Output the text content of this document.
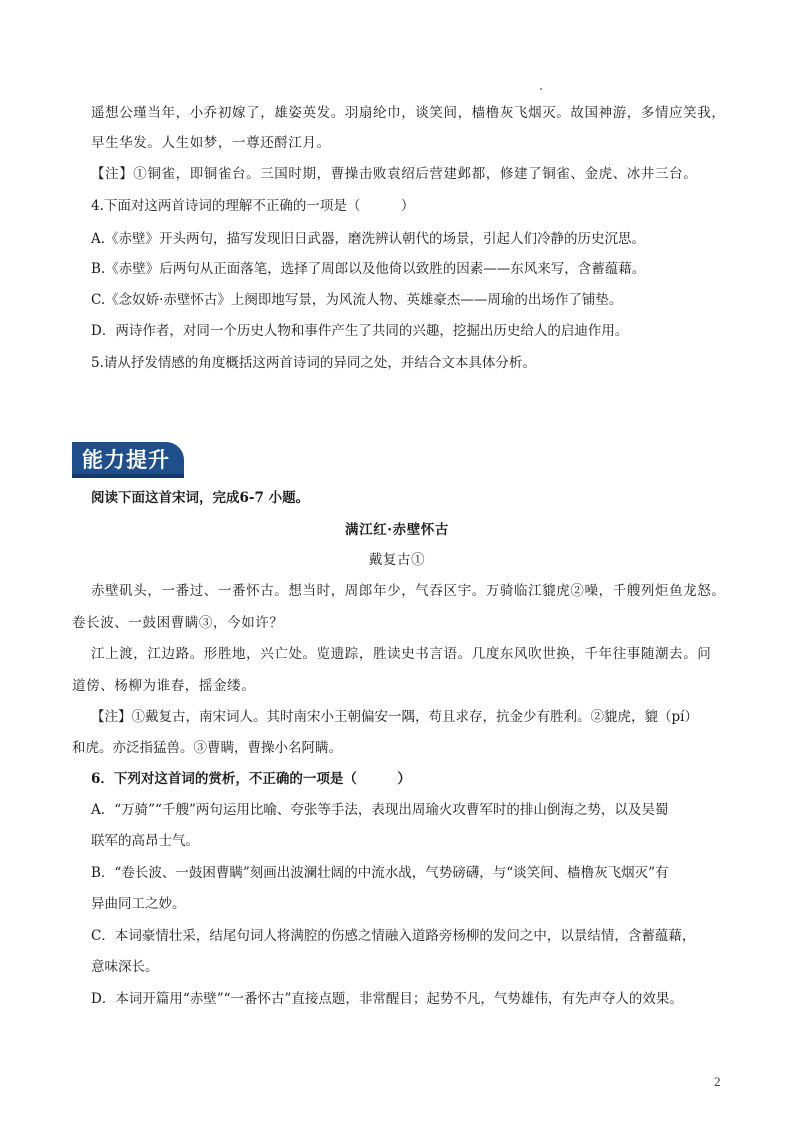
遥想公瑾当年，小乔初嫁了，雄姿英发。羽扇纶巾，谈笑间，樯橹灰飞烟灭。故国神游，多情应笑我，
早生华发。人生如梦，一尊还酹江月。
【注】①铜雀，即铜雀台。三国时期，曹操击败袁绍后营建邺都，修建了铜雀、金虎、冰井三台。
4.下面对这两首诗词的理解不正确的一项是（　　　）
A.《赤壁》开头两句，描写发现旧日武器，磨洗辨认朝代的场景，引起人们冷静的历史沉思。
B.《赤壁》后两句从正面落笔，选择了周郎以及他倚以致胜的因素——东风来写，含蓄蕴藉。
C.《念奴娇·赤壁怀古》上阕即地写景，为风流人物、英雄豪杰——周瑜的出场作了铺垫。
D．两诗作者，对同一个历史人物和事件产生了共同的兴趣，挖掘出历史给人的启迪作用。
5.请从抒发情感的角度概括这两首诗词的异同之处，并结合文本具体分析。
能力提升
阅读下面这首宋词，完成6-7 小题。
满江红·赤壁怀古
戴复古①
赤壁矶头，一番过、一番怀古。想当时，周郎年少，气吞区宇。万骑临江貔虎②噪，千艘列炬鱼龙怒。
卷长波、一鼓困曹瞒③，今如许？
江上渡，江边路。形胜地，兴亡处。览遗踪，胜读史书言语。几度东风吹世换，千年往事随潮去。问
道傍、杨柳为谁春，摇金缕。
【注】①戴复古，南宋词人。其时南宋小王朝偏安一隅，苟且求存，抗金少有胜利。②貔虎，貔（pí）
和虎。亦泛指猛兽。③曹瞒，曹操小名阿瞒。
6．下列对这首词的赏析，不正确的一项是（　　　）
A．“万骑”“千艘”两句运用比喻、夸张等手法，表现出周瑜火攻曹军时的排山倒海之势，以及吴蜀
联军的高昂士气。
B．“卷长波、一鼓困曹瞒”刻画出波澜壮阔的中流水战，气势磅礴，与“谈笑间、樯橹灰飞烟灭”有
异曲同工之妙。
C．本词豪情壮采，结尾句词人将满腔的伤感之情融入道路旁杨柳的发问之中，以景结情，含蓄蕴藉，
意味深长。
D．本词开篇用“赤壁”“一番怀古”直接点题，非常醒目；起势不凡，气势雄伟，有先声夺人的效果。
2
